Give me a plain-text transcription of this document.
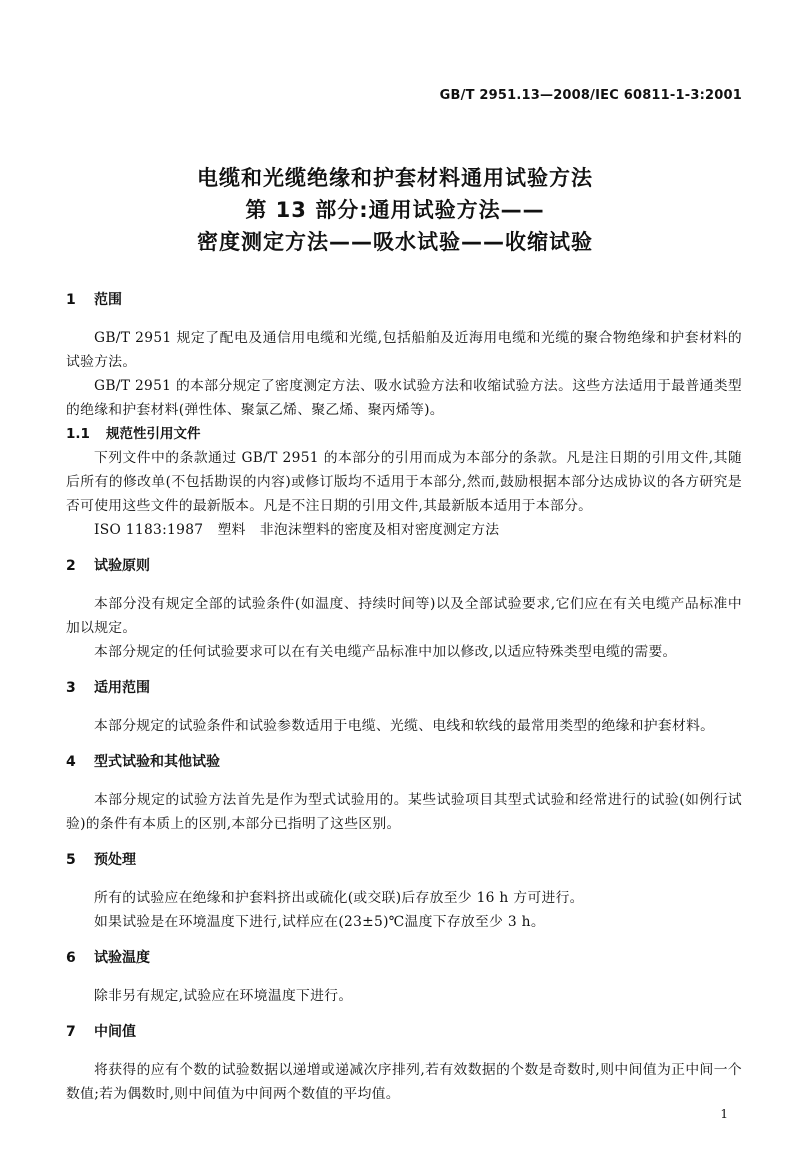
GB/T 2951.13—2008/IEC 60811-1-3:2001
电缆和光缆绝缘和护套材料通用试验方法
第 13 部分:通用试验方法——
密度测定方法——吸水试验——收缩试验
1 范围

GB/T 2951 规定了配电及通信用电缆和光缆,包括船舶及近海用电缆和光缆的聚合物绝缘和护套材料的试验方法。

GB/T 2951 的本部分规定了密度测定方法、吸水试验方法和收缩试验方法。这些方法适用于最普通类型的绝缘和护套材料(弹性体、聚氯乙烯、聚乙烯、聚丙烯等)。

1.1 规范性引用文件

下列文件中的条款通过 GB/T 2951 的本部分的引用而成为本部分的条款。凡是注日期的引用文件,其随后所有的修改单(不包括勘误的内容)或修订版均不适用于本部分,然而,鼓励根据本部分达成协议的各方研究是否可使用这些文件的最新版本。凡是不注日期的引用文件,其最新版本适用于本部分。

ISO 1183:1987　塑料　非泡沫塑料的密度及相对密度测定方法

2 试验原则

本部分没有规定全部的试验条件(如温度、持续时间等)以及全部试验要求,它们应在有关电缆产品标准中加以规定。

本部分规定的任何试验要求可以在有关电缆产品标准中加以修改,以适应特殊类型电缆的需要。

3 适用范围

本部分规定的试验条件和试验参数适用于电缆、光缆、电线和软线的最常用类型的绝缘和护套材料。

4 型式试验和其他试验

本部分规定的试验方法首先是作为型式试验用的。某些试验项目其型式试验和经常进行的试验(如例行试验)的条件有本质上的区别,本部分已指明了这些区别。

5 预处理

所有的试验应在绝缘和护套料挤出或硫化(或交联)后存放至少 16 h 方可进行。

如果试验是在环境温度下进行,试样应在(23±5)℃温度下存放至少 3 h。

6 试验温度

除非另有规定,试验应在环境温度下进行。

7 中间值

将获得的应有个数的试验数据以递增或递减次序排列,若有效数据的个数是奇数时,则中间值为正中间一个数值;若为偶数时,则中间值为中间两个数值的平均值。

1
